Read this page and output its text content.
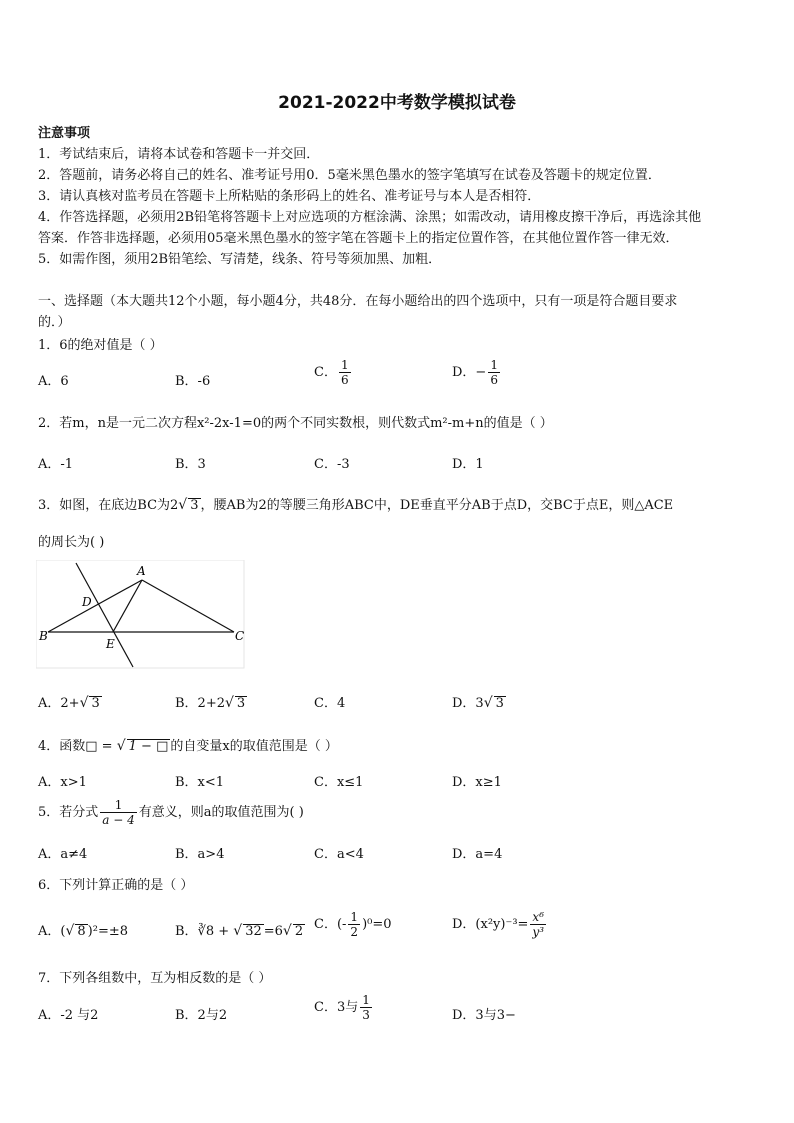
2021-2022中考数学模拟试卷
注意事项
1．考试结束后，请将本试卷和答题卡一并交回．
2．答题前，请务必将自己的姓名、准考证号用0．5毫米黑色墨水的签字笔填写在试卷及答题卡的规定位置．
3．请认真核对监考员在答题卡上所粘贴的条形码上的姓名、准考证号与本人是否相符．
4．作答选择题，必须用2B铅笔将答题卡上对应选项的方框涂满、涂黑；如需改动，请用橡皮擦干净后，再选涂其他
答案．作答非选择题，必须用05毫米黑色墨水的签字笔在答题卡上的指定位置作答，在其他位置作答一律无效．
5．如需作图，须用2B铅笔绘、写清楚，线条、符号等须加黑、加粗．
一、选择题（本大题共12个小题，每小题4分，共48分．在每小题给出的四个选项中，只有一项是符合题目要求
的．）
1．6的绝对值是（ ）
A．6	B．-6
C． $\frac{1}{6}$	D．− $\frac{1}{6}$
2．若m，n是一元二次方程x²-2x-1=0的两个不同实数根，则代数式m²-m+n的值是（ ）
A．-1	B．3	C．-3	D．1
3．如图，在底边BC为2√ 3 ，腰AB为2的等腰三角形ABC中，DE垂直平分AB于点D，交BC于点E，则△ACE
的周长为( )
A
B	C
D
E
A．2+√ 3	B．2+2√ 3	C．4	D．3√ 3
4．函数□ = √ 1 − □ 的自变量x的取值范围是（ ）
A．x>1	B．x<1	C．x≤1	D．x≥1
5．若分式 $\frac{1}{a - 4}$ 有意义，则a的取值范围为( )
A．a≠4	B．a>4	C．a<4	D．a=4
6．下列计算正确的是（ ）
A．(√ 8 )²=±8	B．∛8 + √ 32 =6√ 2 C．(- $\frac{1}{2} )^0=0$	D．$(x^2y)^{-3}= \frac{\text{x⁶}}{\text{y³}}$
7．下列各组数中，互为相反数的是（ ）
A．-2 与2	B．2与2
C．3与 $\frac{1}{3}$	D．3与3−
